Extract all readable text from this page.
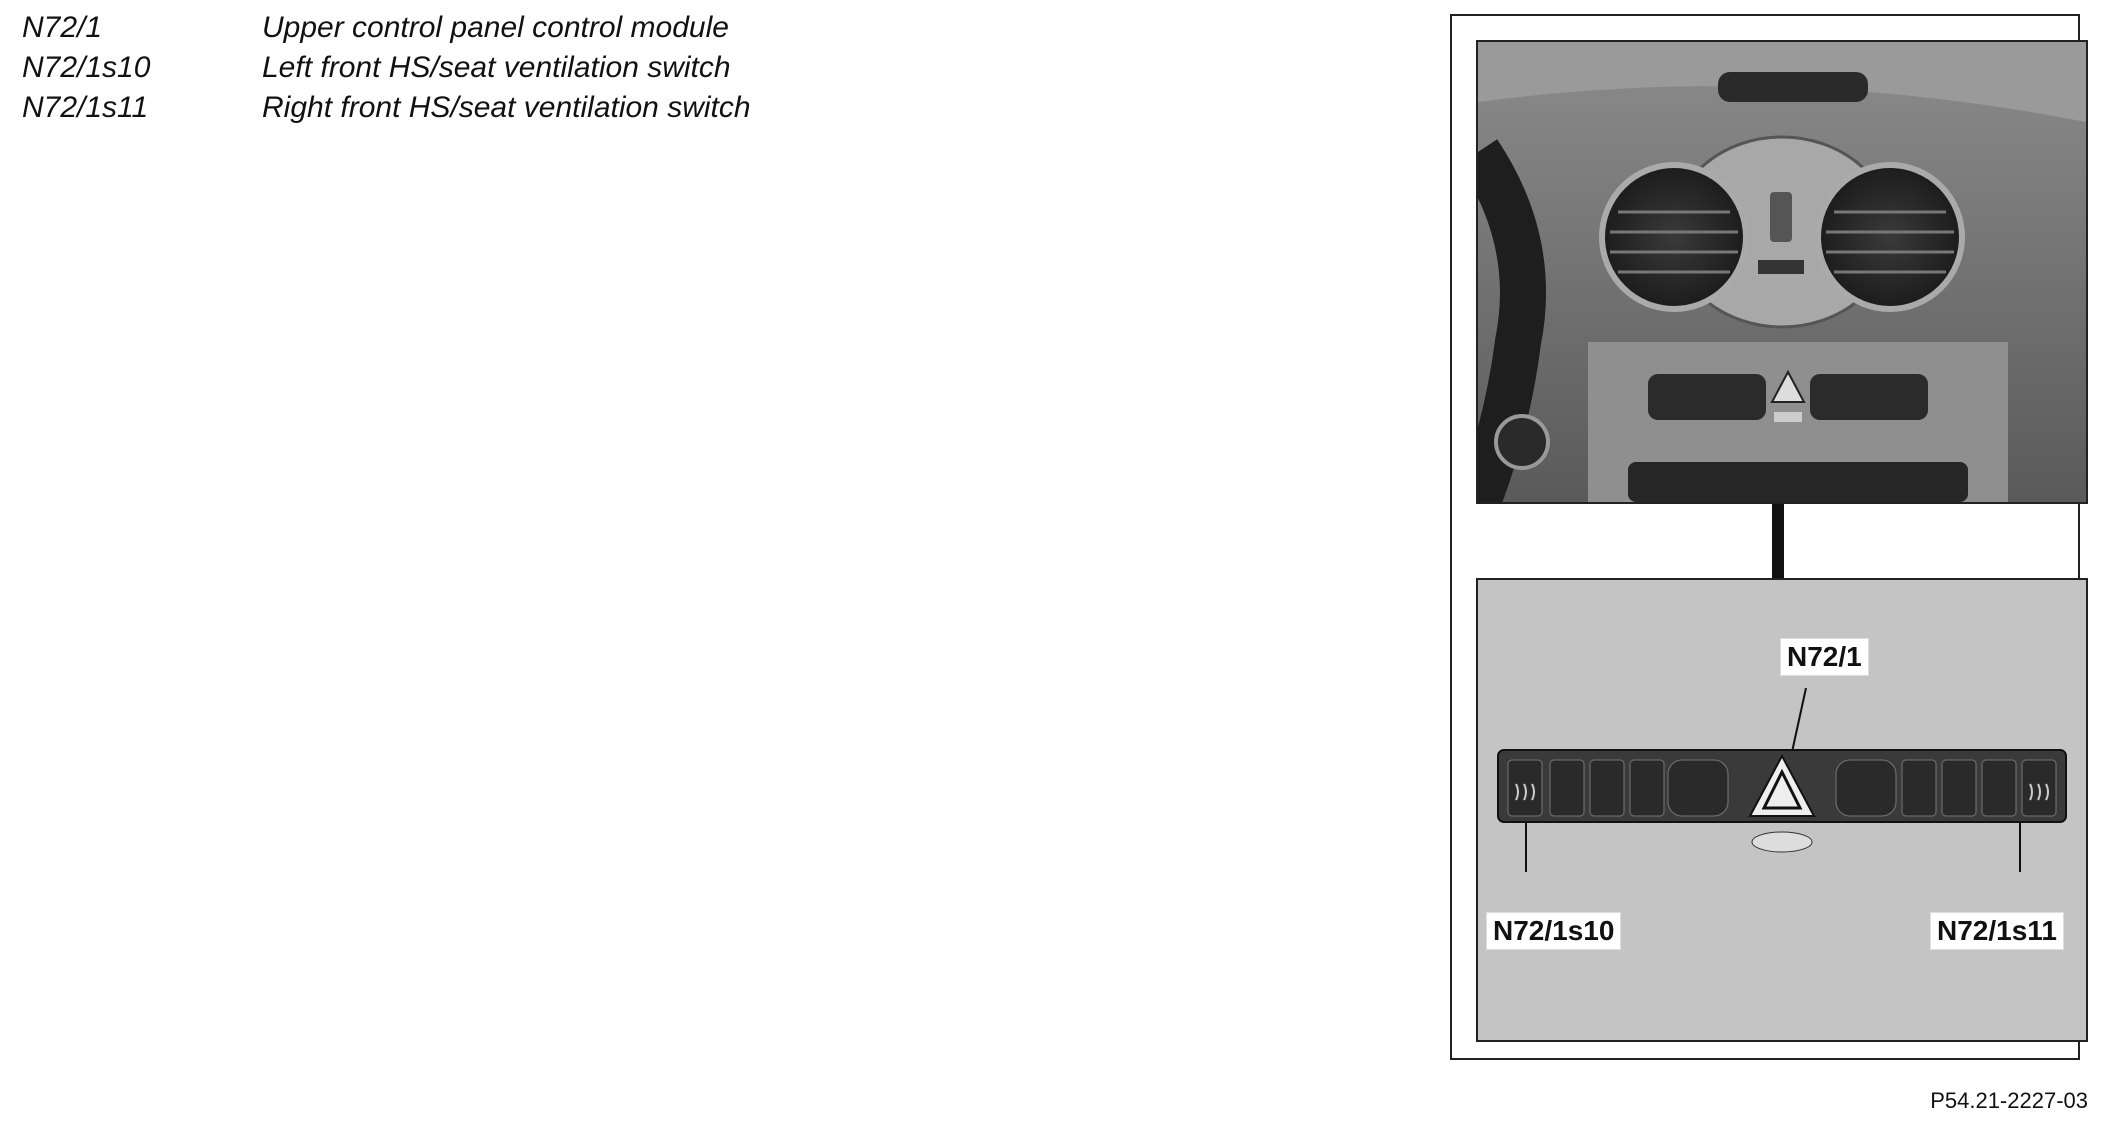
N72/1	Upper control panel control module
N72/1s10	Left front HS/seat ventilation switch
N72/1s11	Right front HS/seat ventilation switch
N72/1
N72/1s10	N72/1s11
P54.21-2227-03
